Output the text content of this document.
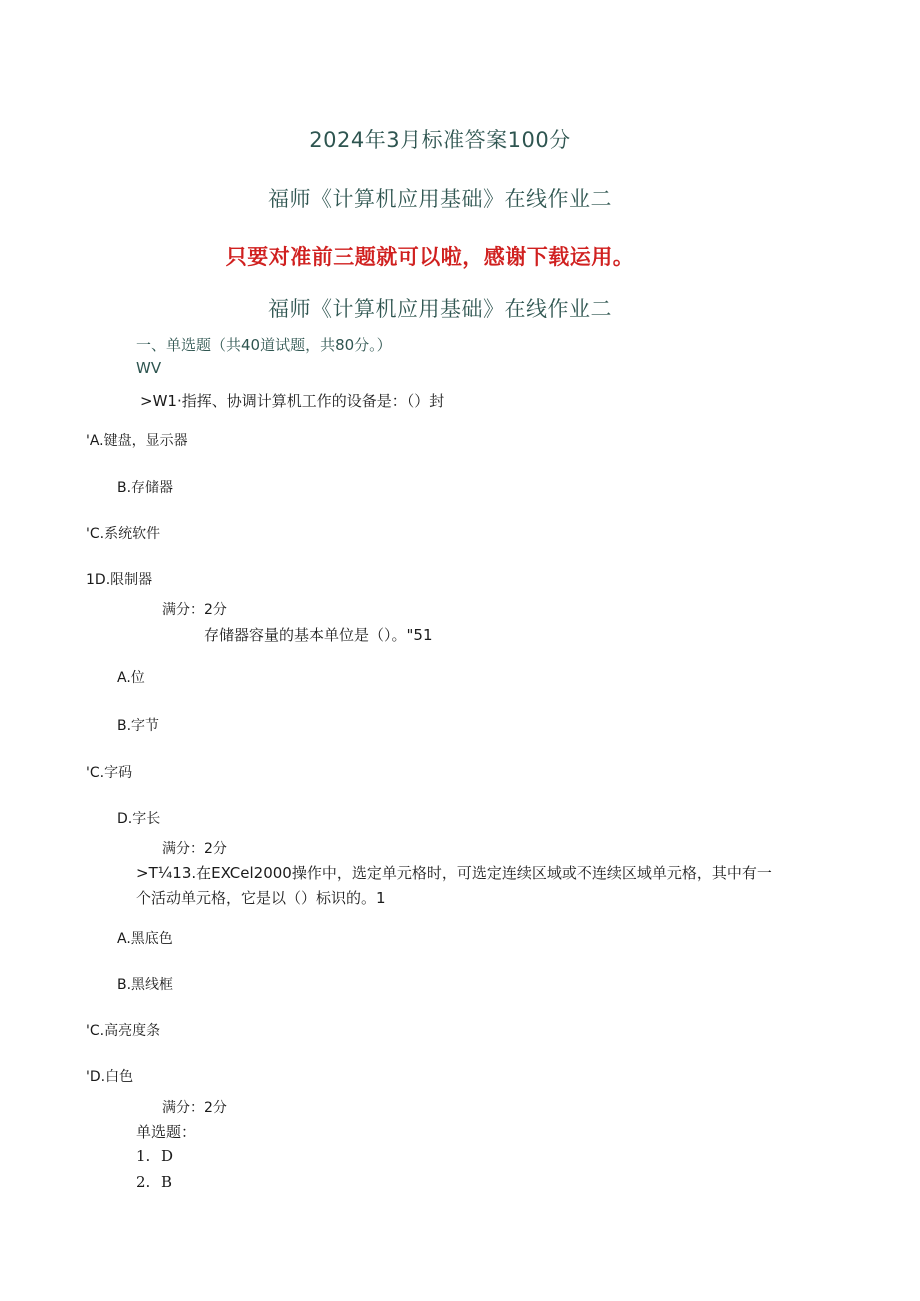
2024年3月标准答案100分
福师《计算机应用基础》在线作业二
只要对准前三题就可以啦，感谢下载运用。
福师《计算机应用基础》在线作业二
一、单选题（共40道试题，共80分。）
WV
>W1·指挥、协调计算机工作的设备是：（）封
'A.键盘，显示器
B.存储器
'C.系统软件
1D.限制器
满分：2分
存储器容量的基本单位是（）。"51
A.位
B.字节
'C.字码
D.字长
满分：2分
>T¼13.在EXCel2000操作中，选定单元格时，可选定连续区域或不连续区域单元格，其中有一
个活动单元格，它是以（）标识的。1
A.黑底色
B.黑线框
'C.高亮度条
'D.白色
满分：2分
单选题：
1. D
2. B
